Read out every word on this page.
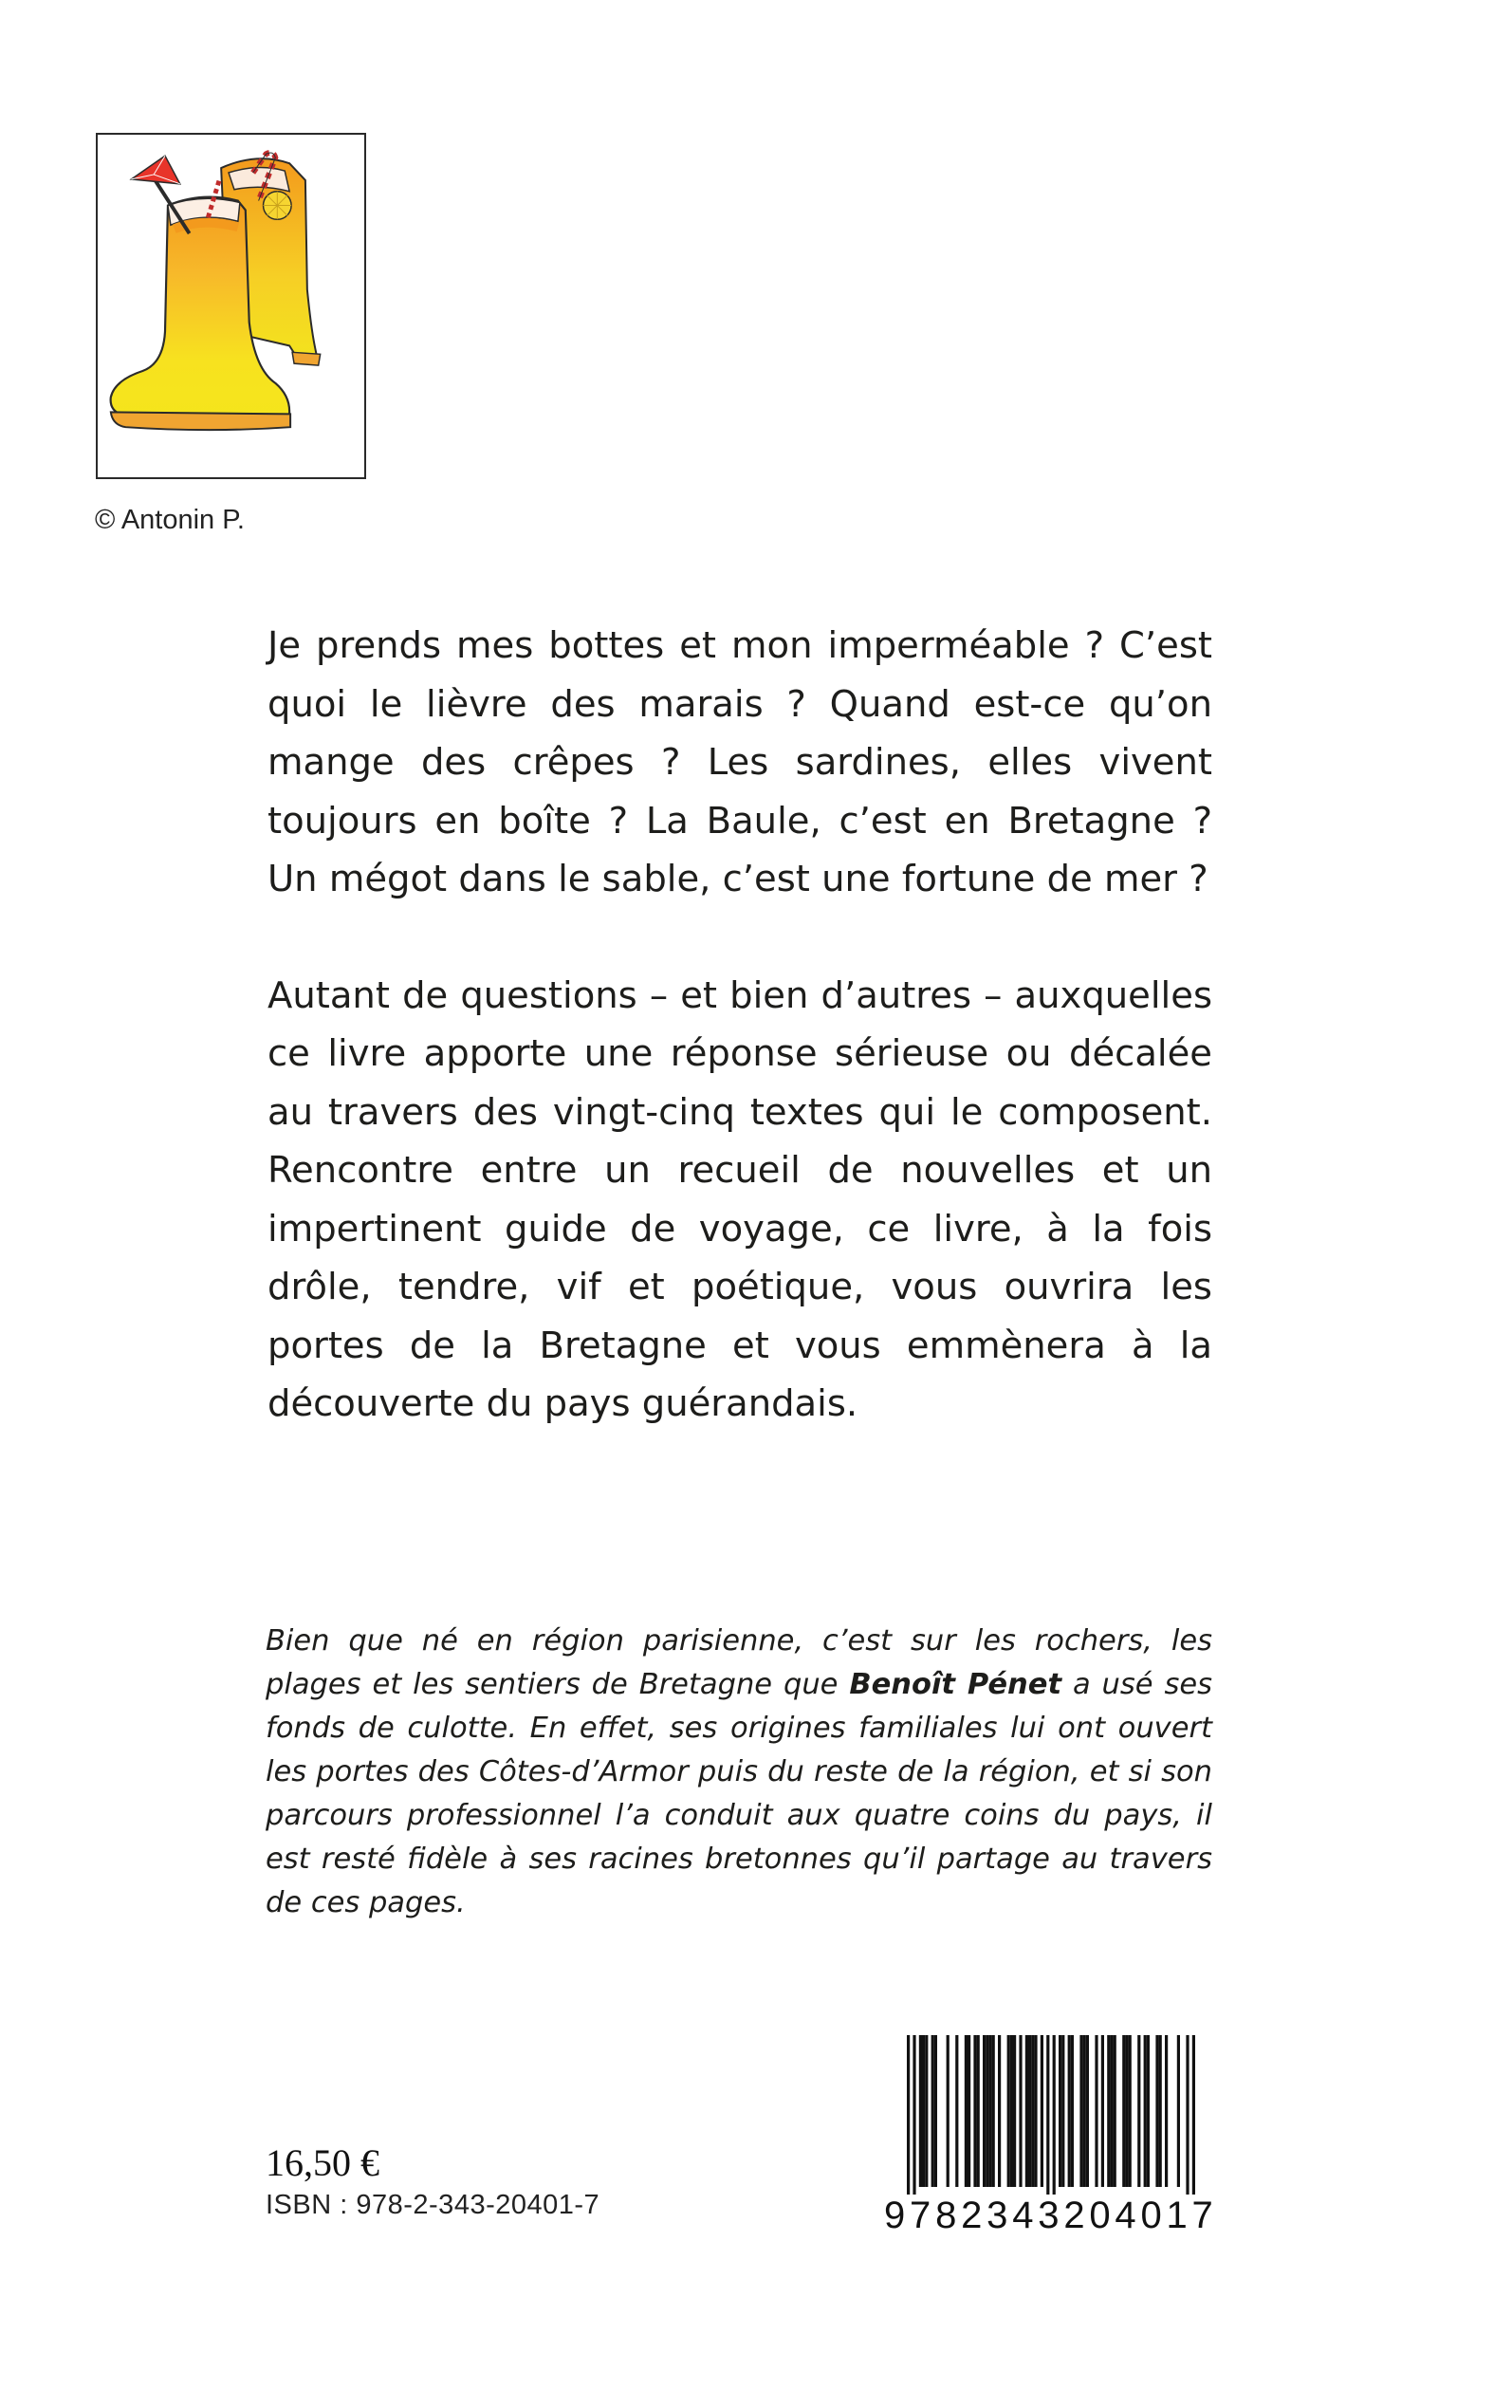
© Antonin P.

Je prends mes bottes et mon imperméable ? C’est quoi le lièvre des marais ? Quand est-ce qu’on mange des crêpes ? Les sardines, elles vivent toujours en boîte ? La Baule, c’est en Bretagne ? Un mégot dans le sable, c’est une fortune de mer ?

Autant de questions – et bien d’autres – auxquelles ce livre apporte une réponse sérieuse ou décalée au travers des vingt-cinq textes qui le composent. Rencontre entre un recueil de nouvelles et un impertinent guide de voyage, ce livre, à la fois drôle, tendre, vif et poétique, vous ouvrira les portes de la Bretagne et vous emmènera à la découverte du pays guérandais.

Bien que né en région parisienne, c’est sur les rochers, les plages et les sentiers de Bretagne que Benoît Pénet a usé ses fonds de culotte. En effet, ses origines familiales lui ont ouvert les portes des Côtes-d’Armor puis du reste de la région, et si son parcours professionnel l’a conduit aux quatre coins du pays, il est resté fidèle à ses racines bretonnes qu’il partage au travers de ces pages.
16,50 €
ISBN : 978-2-343-20401-7	9782343204017
